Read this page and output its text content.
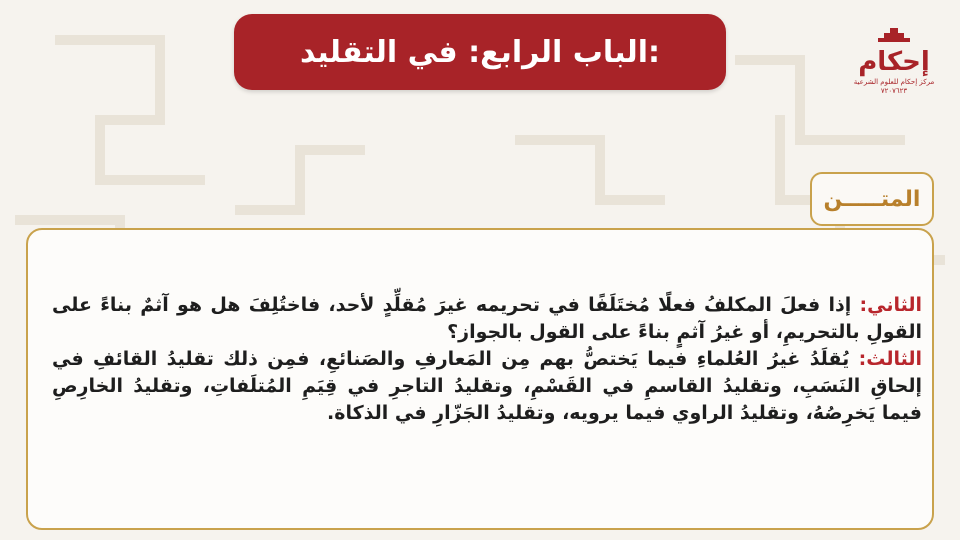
الباب الرابع: في التقليد:	إحكام
مركز إحكام للعلوم الشرعية
٧٢٠٧٦٢٣
المتـــــن

الثاني: إذا فعلَ المكلفُ فعلًا مُختَلَفًا في تحريمه غيرَ مُقلِّدٍ لأحد، فاختُلِفَ هل هو آثمٌ بناءً على القولِ بالتحريمِ، أو غيرُ آثمٍ بناءً على القول بالجواز؟

الثالث: يُقلَدُ غيرُ العُلماءِ فيما يَختصُّ بهم مِن المَعارفِ والصَنائعِ، فمِن ذلك تقليدُ القائفِ في إلحاقِ النَسَبِ، وتقليدُ القاسمِ في القَسْمِ، وتقليدُ التاجرِ في قِيَمِ المُتلَفاتِ، وتقليدُ الخارِصِ فيما يَخرِصُهُ، وتقليدُ الراوي فيما يرويه، وتقليدُ الجَزّارِ في الذكاة.
